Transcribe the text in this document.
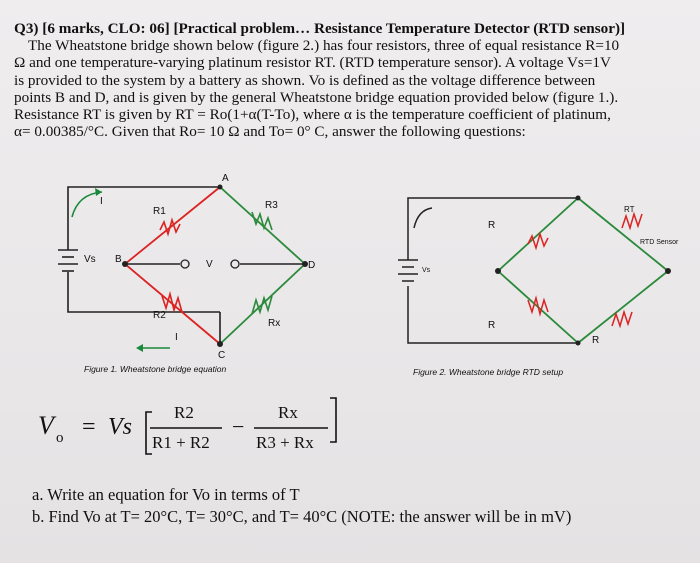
Q3) [6 marks, CLO: 06] [Practical problem… Resistance Temperature Detector (RTD sensor)]

The Wheatstone bridge shown below (figure 2.) has four resistors, three of equal resistance R=10

Ω and one temperature-varying platinum resistor RT. (RTD temperature sensor). A voltage Vs=1V

is provided to the system by a battery as shown. Vo is defined as the voltage difference between

points B and D, and is given by the general Wheatstone bridge equation provided below (figure 1.).

Resistance RT is given by RT = Ro(1+α(T-To), where α is the temperature coefficient of platinum,

α= 0.00385/°C. Given that Ro= 10 Ω and To= 0° C, answer the following questions:

A
B
C
D
R1
R3
R2
Rx
Vs	V
I
I
Figure 1. Wheatstone bridge equation
R
R
R
RT
RTD Sensor
Vs
Figure 2. Wheatstone bridge RTD setup
V o = Vs
R2
R1 + R2
−
Rx
R3 + Rx

a. Write an equation for Vo in terms of T

b. Find Vo at T= 20°C, T= 30°C, and T= 40°C (NOTE: the answer will be in mV)
